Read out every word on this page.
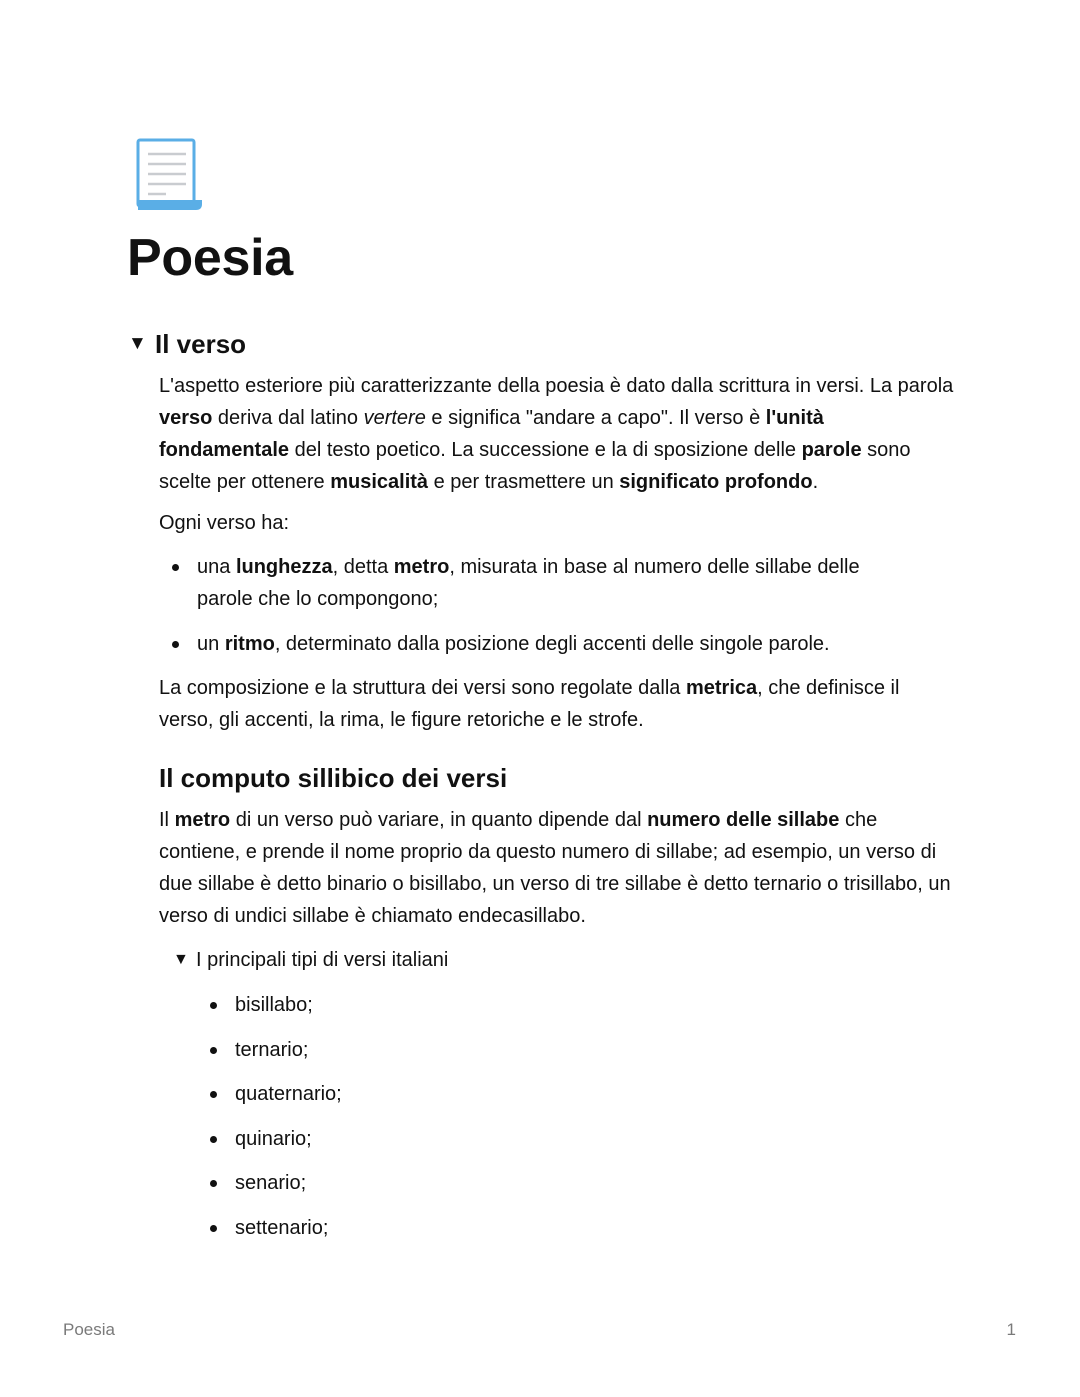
Poesia
▼ Il verso

L'aspetto esteriore più caratterizzante della poesia è dato dalla scrittura in versi. La parola verso deriva dal latino vertere e significa "andare a capo". Il verso è l'unità fondamentale del testo poetico. La successione e la di sposizione delle parole sono scelte per ottenere musicalità e per trasmettere un significato profondo.

Ogni verso ha:

una lunghezza, detta metro, misurata in base al numero delle sillabe delle parole che lo compongono;
un ritmo, determinato dalla posizione degli accenti delle singole parole.

La composizione e la struttura dei versi sono regolate dalla metrica, che definisce il verso, gli accenti, la rima, le figure retoriche e le strofe.

Il computo sillibico dei versi

Il metro di un verso può variare, in quanto dipende dal numero delle sillabe che contiene, e prende il nome proprio da questo numero di sillabe; ad esempio, un verso di due sillabe è detto binario o bisillabo, un verso di tre sillabe è detto ternario o trisillabo, un verso di undici sillabe è chiamato endecasillabo.

▼ I principali tipi di versi italiani
bisillabo;
ternario;
quaternario;
quinario;
senario;
settenario;
Poesia	1
